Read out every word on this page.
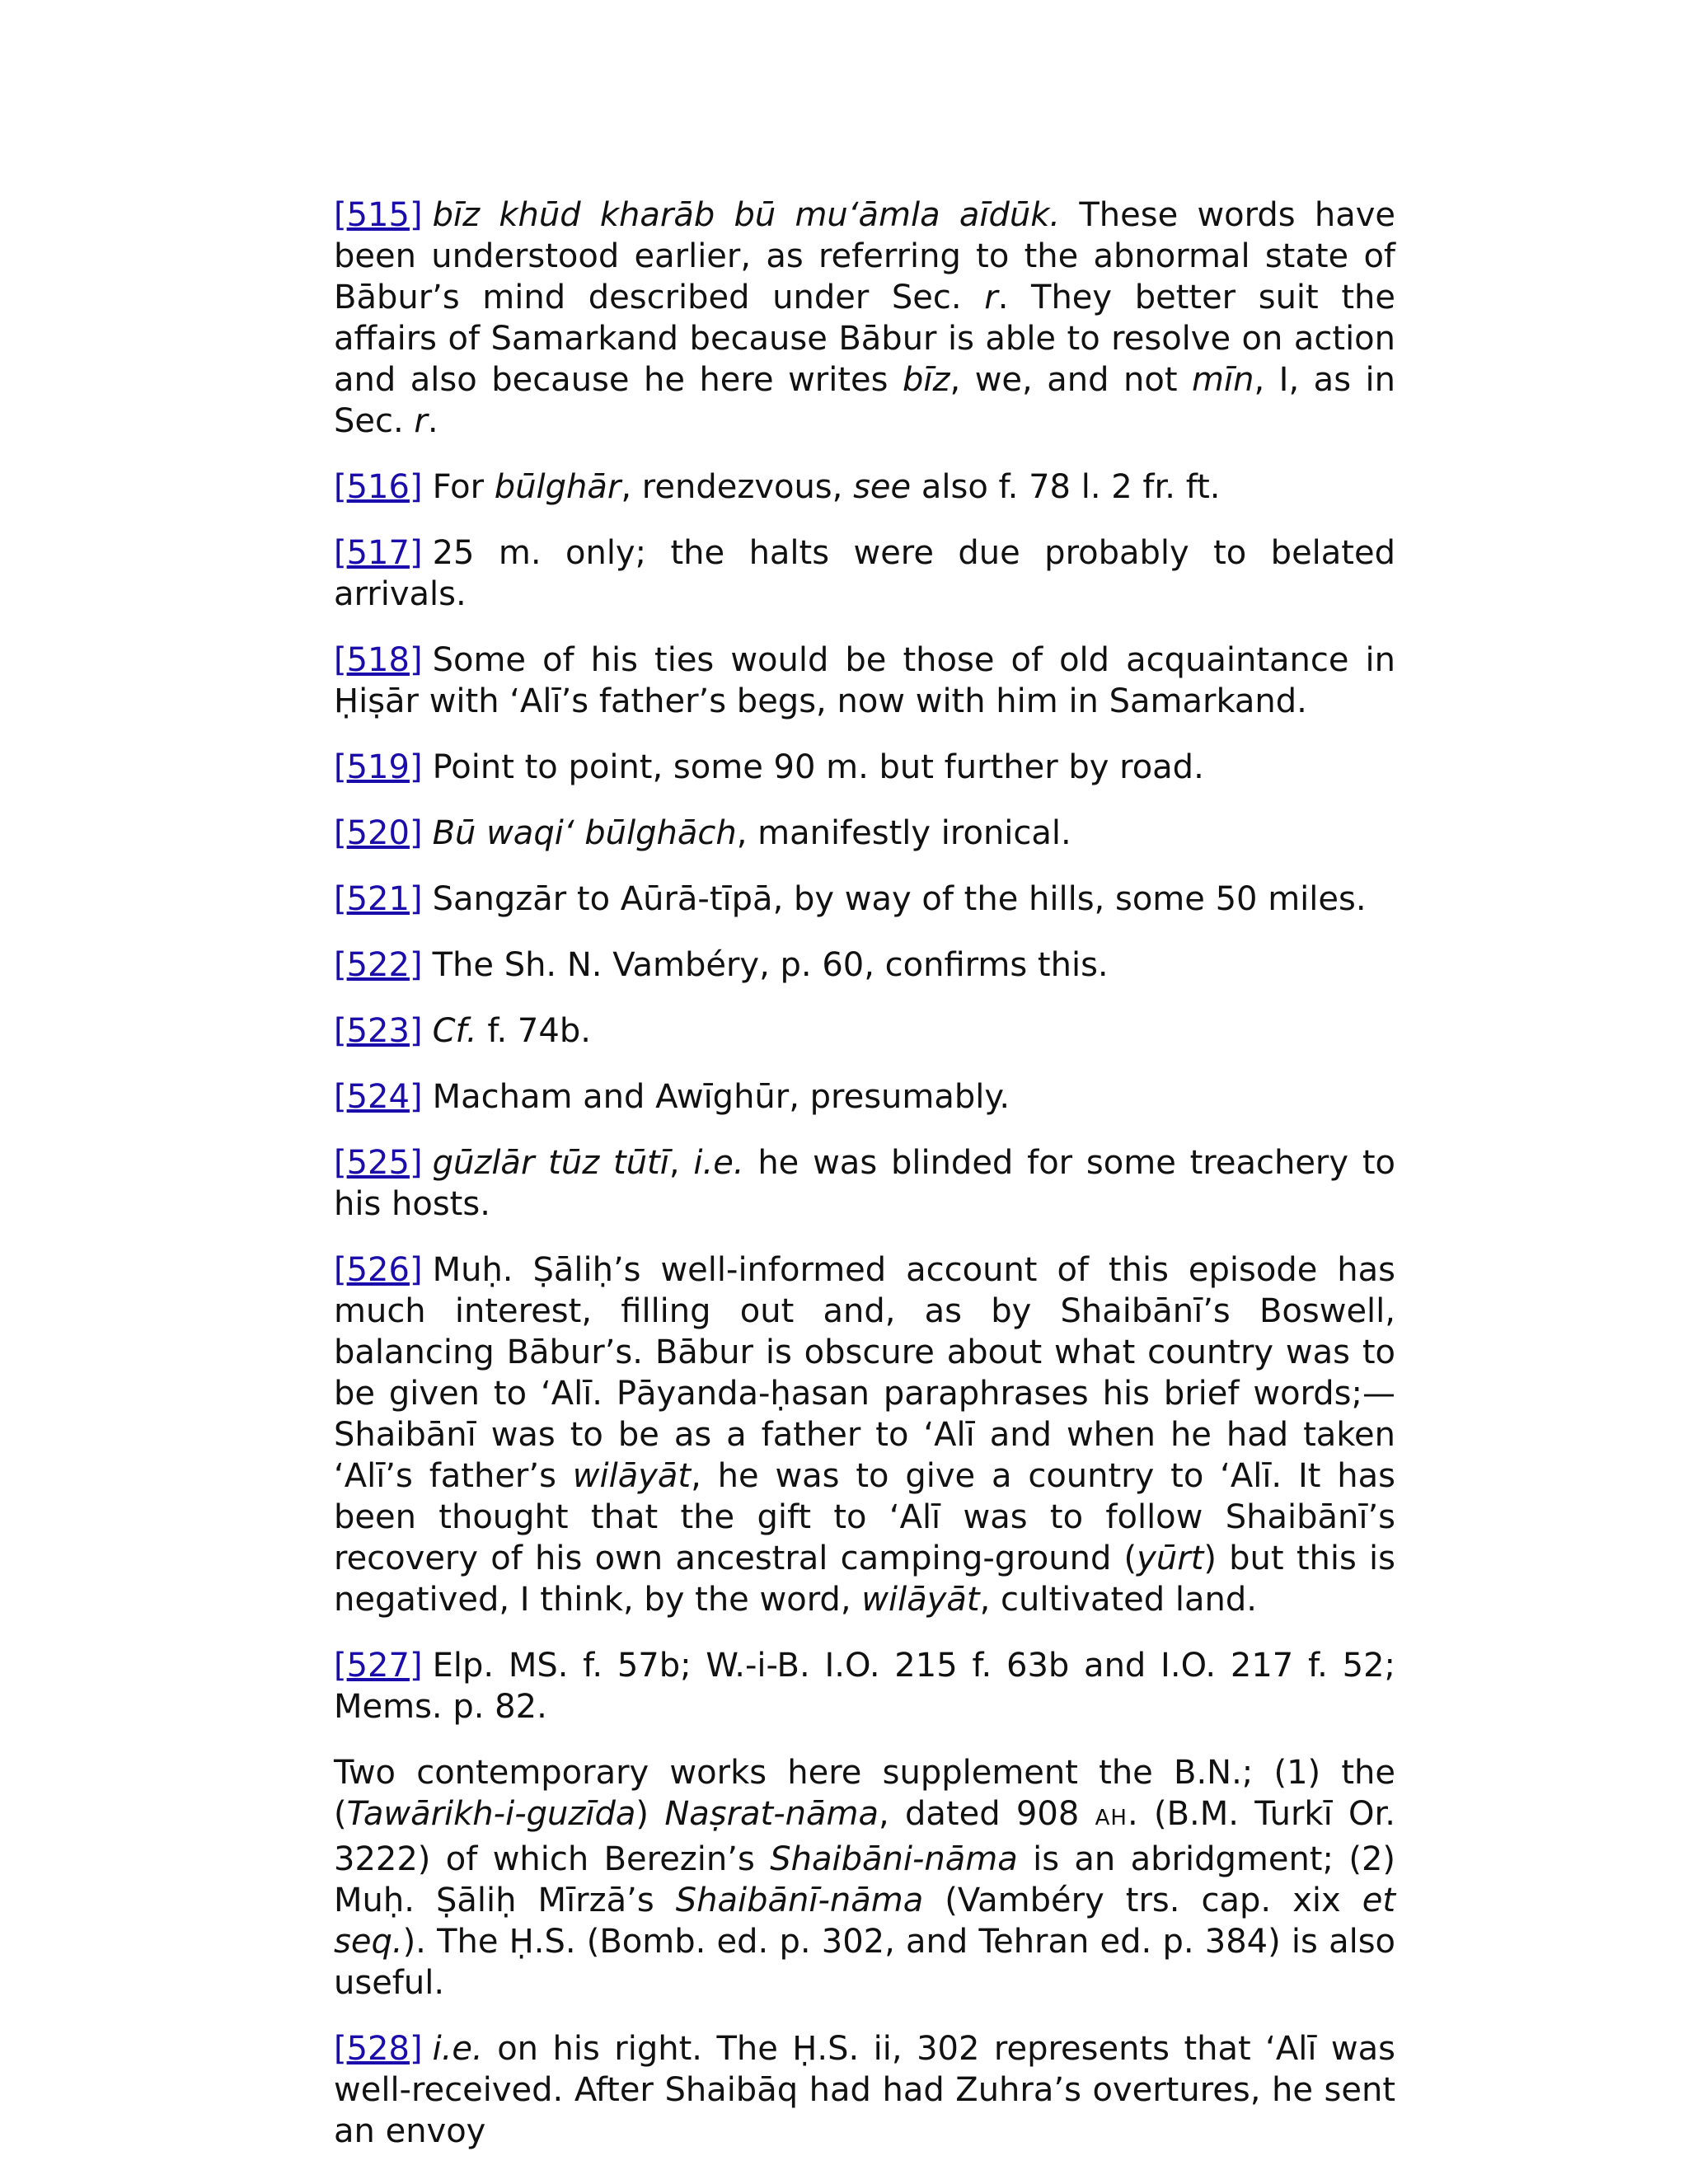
[ 515 ] bīz khūd kharāb bū mu‘āmla aīdūk. These words have been understood earlier, as referring to the abnormal state of Bābur’s mind described under Sec. r. They better suit the affairs of Samarkand because Bābur is able to resolve on action and also because he here writes bīz, we, and not mīn, I, as in Sec. r.

[ 516 ] For būlghār, rendezvous, see also f. 78 l. 2 fr. ft.

[ 517 ] 25 m. only; the halts were due probably to belated arrivals.

[ 518 ] Some of his ties would be those of old acquaintance in Ḥiṣār with ‘Alī’s father’s begs, now with him in Samarkand.

[ 519 ] Point to point, some 90 m. but further by road.

[ 520 ] Bū waqi‘ būlghāch, manifestly ironical.

[ 521 ] Sangzār to Aūrā-tīpā, by way of the hills, some 50 miles.

[ 522 ] The Sh. N. Vambéry, p. 60, confirms this.

[ 523 ] Cf. f. 74b.

[ 524 ] Macham and Awīghūr, presumably.

[ 525 ] gūzlār tūz tūtī, i.e. he was blinded for some treachery to his hosts.

[ 526 ] Muḥ. Ṣāliḥ’s well-informed account of this episode has much interest, filling out and, as by Shaibānī’s Boswell, balancing Bābur’s. Bābur is obscure about what country was to be given to ‘Alī. Pāyanda-ḥasan paraphrases his brief words;—Shaibānī was to be as a father to ‘Alī and when he had taken ‘Alī’s father’s wilāyāt, he was to give a country to ‘Alī. It has been thought that the gift to ‘Alī was to follow Shaibānī’s recovery of his own ancestral camping-ground (yūrt) but this is negatived, I think, by the word, wilāyāt, cultivated land.

[ 527 ] Elp. MS. f. 57b; W.-i-B. I.O. 215 f. 63b and I.O. 217 f. 52; Mems. p. 82.

Two contemporary works here supplement the B.N.; (1) the (Tawārikh-i-guzīda) Naṣrat-nāma, dated 908 AH. (B.M. Turkī Or. 3222) of which Berezin’s Shaibāni-nāma is an abridgment; (2) Muḥ. Ṣāliḥ Mīrzā’s Shaibānī-nāma (Vambéry trs. cap. xix et seq.). The Ḥ.S. (Bomb. ed. p. 302, and Tehran ed. p. 384) is also useful.

[ 528 ] i.e. on his right. The Ḥ.S. ii, 302 represents that ‘Alī was well-received. After Shaibāq had had Zuhra’s overtures, he sent an envoy
